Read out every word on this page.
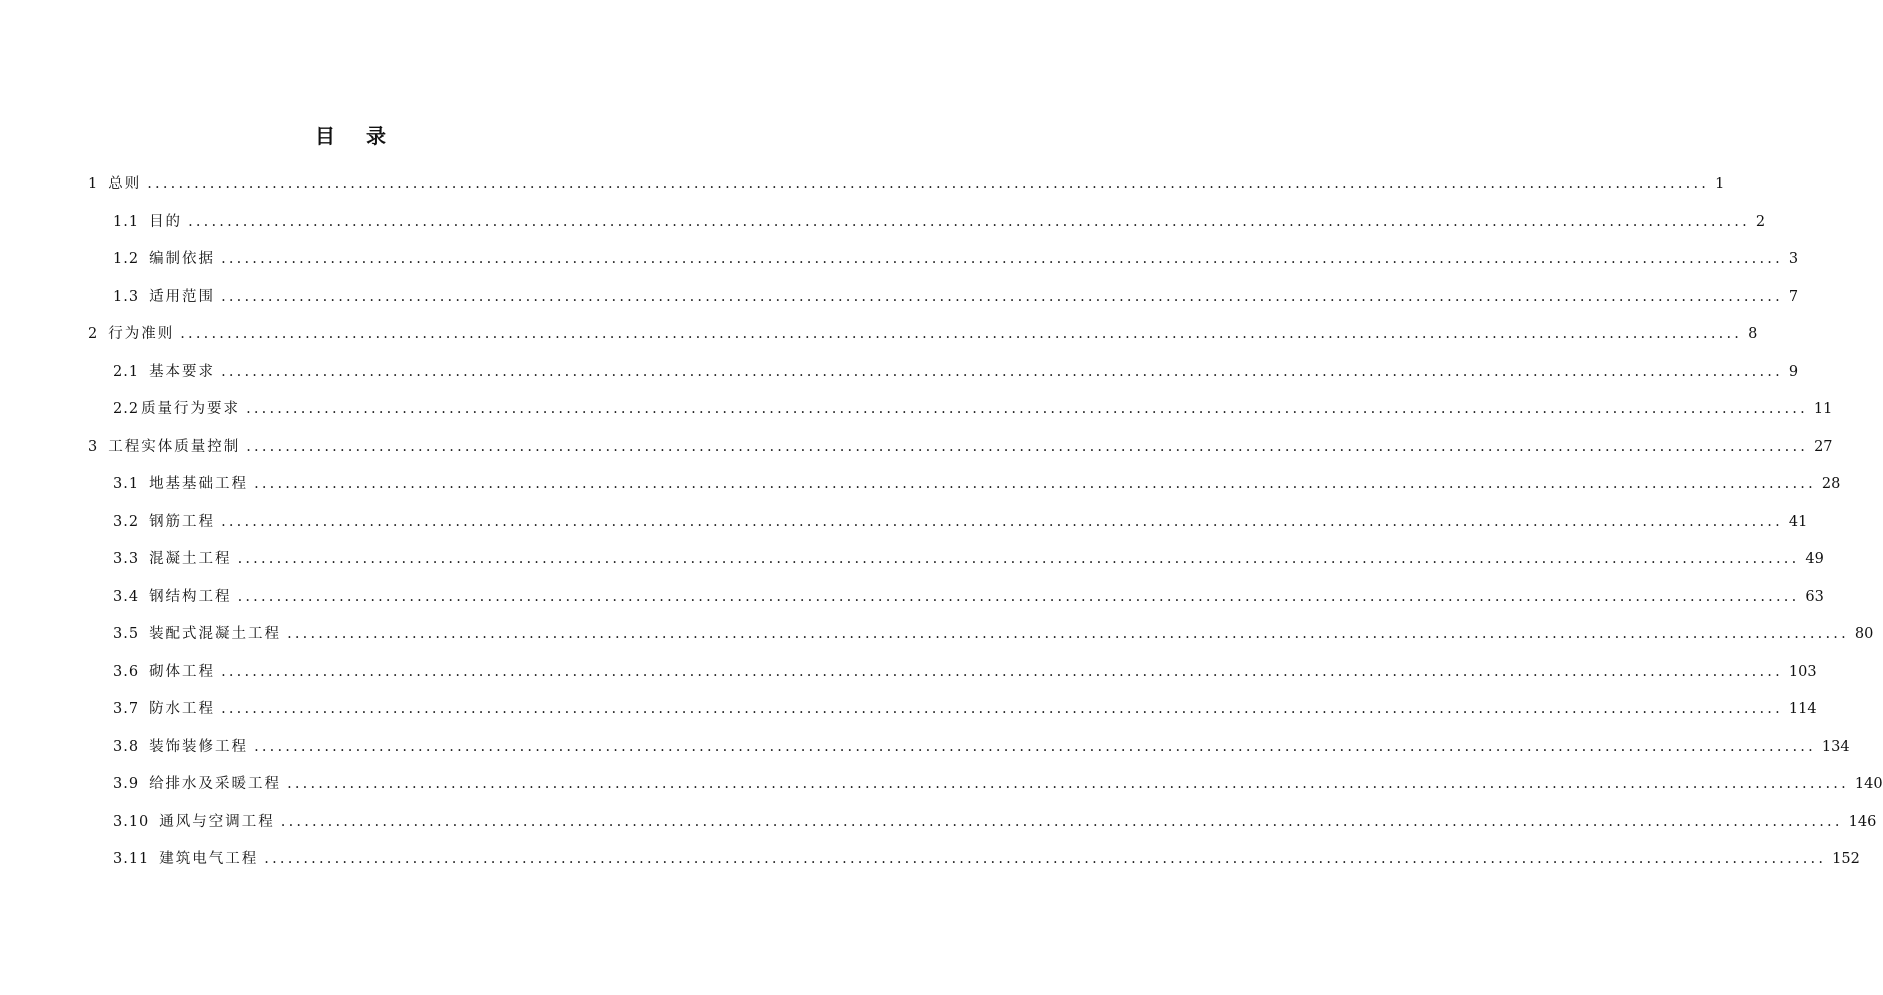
目 录
1 总则 ........................................................................................................................................................................................................ 1
1.1 目的 ........................................................................................................................................................................................................ 2
1.2 编制依据 ........................................................................................................................................................................................................ 3
1.3 适用范围 ........................................................................................................................................................................................................ 7
2 行为准则 ........................................................................................................................................................................................................ 8
2.1 基本要求 ........................................................................................................................................................................................................ 9
2.2 质量行为要求 ........................................................................................................................................................................................................ 11
3 工程实体质量控制 ........................................................................................................................................................................................................ 27
3.1 地基基础工程 ........................................................................................................................................................................................................ 28
3.2 钢筋工程 ........................................................................................................................................................................................................ 41
3.3 混凝土工程 ........................................................................................................................................................................................................ 49
3.4 钢结构工程 ........................................................................................................................................................................................................ 63
3.5 装配式混凝土工程 ........................................................................................................................................................................................................ 80
3.6 砌体工程 ........................................................................................................................................................................................................ 103
3.7 防水工程 ........................................................................................................................................................................................................ 114
3.8 装饰装修工程 ........................................................................................................................................................................................................ 134
3.9 给排水及采暖工程 ........................................................................................................................................................................................................ 140
3.10 通风与空调工程 ........................................................................................................................................................................................................ 146
3.11 建筑电气工程 ........................................................................................................................................................................................................ 152
